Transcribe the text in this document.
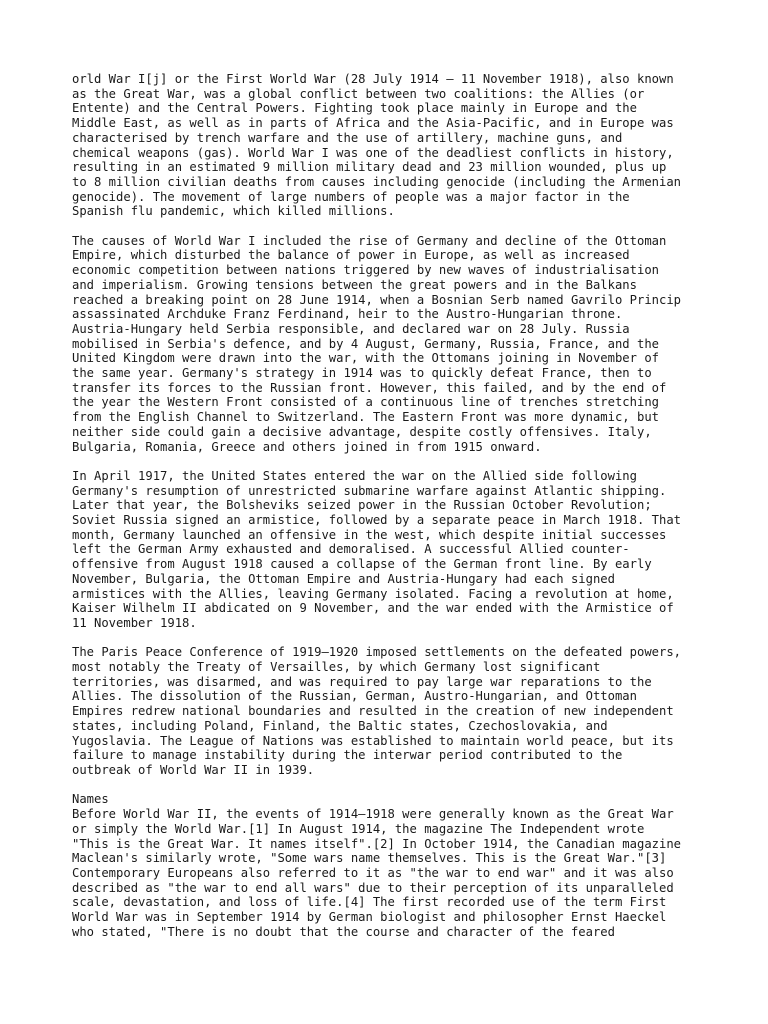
orld War I[j] or the First World War (28 July 1914 – 11 November 1918), also known
as the Great War, was a global conflict between two coalitions: the Allies (or
Entente) and the Central Powers. Fighting took place mainly in Europe and the
Middle East, as well as in parts of Africa and the Asia-Pacific, and in Europe was
characterised by trench warfare and the use of artillery, machine guns, and
chemical weapons (gas). World War I was one of the deadliest conflicts in history,
resulting in an estimated 9 million military dead and 23 million wounded, plus up
to 8 million civilian deaths from causes including genocide (including the Armenian
genocide). The movement of large numbers of people was a major factor in the
Spanish flu pandemic, which killed millions.

The causes of World War I included the rise of Germany and decline of the Ottoman
Empire, which disturbed the balance of power in Europe, as well as increased
economic competition between nations triggered by new waves of industrialisation
and imperialism. Growing tensions between the great powers and in the Balkans
reached a breaking point on 28 June 1914, when a Bosnian Serb named Gavrilo Princip
assassinated Archduke Franz Ferdinand, heir to the Austro-Hungarian throne.
Austria-Hungary held Serbia responsible, and declared war on 28 July. Russia
mobilised in Serbia's defence, and by 4 August, Germany, Russia, France, and the
United Kingdom were drawn into the war, with the Ottomans joining in November of
the same year. Germany's strategy in 1914 was to quickly defeat France, then to
transfer its forces to the Russian front. However, this failed, and by the end of
the year the Western Front consisted of a continuous line of trenches stretching
from the English Channel to Switzerland. The Eastern Front was more dynamic, but
neither side could gain a decisive advantage, despite costly offensives. Italy,
Bulgaria, Romania, Greece and others joined in from 1915 onward.

In April 1917, the United States entered the war on the Allied side following
Germany's resumption of unrestricted submarine warfare against Atlantic shipping.
Later that year, the Bolsheviks seized power in the Russian October Revolution;
Soviet Russia signed an armistice, followed by a separate peace in March 1918. That
month, Germany launched an offensive in the west, which despite initial successes
left the German Army exhausted and demoralised. A successful Allied counter-
offensive from August 1918 caused a collapse of the German front line. By early
November, Bulgaria, the Ottoman Empire and Austria-Hungary had each signed
armistices with the Allies, leaving Germany isolated. Facing a revolution at home,
Kaiser Wilhelm II abdicated on 9 November, and the war ended with the Armistice of
11 November 1918.

The Paris Peace Conference of 1919–1920 imposed settlements on the defeated powers,
most notably the Treaty of Versailles, by which Germany lost significant
territories, was disarmed, and was required to pay large war reparations to the
Allies. The dissolution of the Russian, German, Austro-Hungarian, and Ottoman
Empires redrew national boundaries and resulted in the creation of new independent
states, including Poland, Finland, the Baltic states, Czechoslovakia, and
Yugoslavia. The League of Nations was established to maintain world peace, but its
failure to manage instability during the interwar period contributed to the
outbreak of World War II in 1939.

Names

Before World War II, the events of 1914–1918 were generally known as the Great War
or simply the World War.[1] In August 1914, the magazine The Independent wrote
"This is the Great War. It names itself".[2] In October 1914, the Canadian magazine
Maclean's similarly wrote, "Some wars name themselves. This is the Great War."[3]
Contemporary Europeans also referred to it as "the war to end war" and it was also
described as "the war to end all wars" due to their perception of its unparalleled
scale, devastation, and loss of life.[4] The first recorded use of the term First
World War was in September 1914 by German biologist and philosopher Ernst Haeckel
who stated, "There is no doubt that the course and character of the feared
